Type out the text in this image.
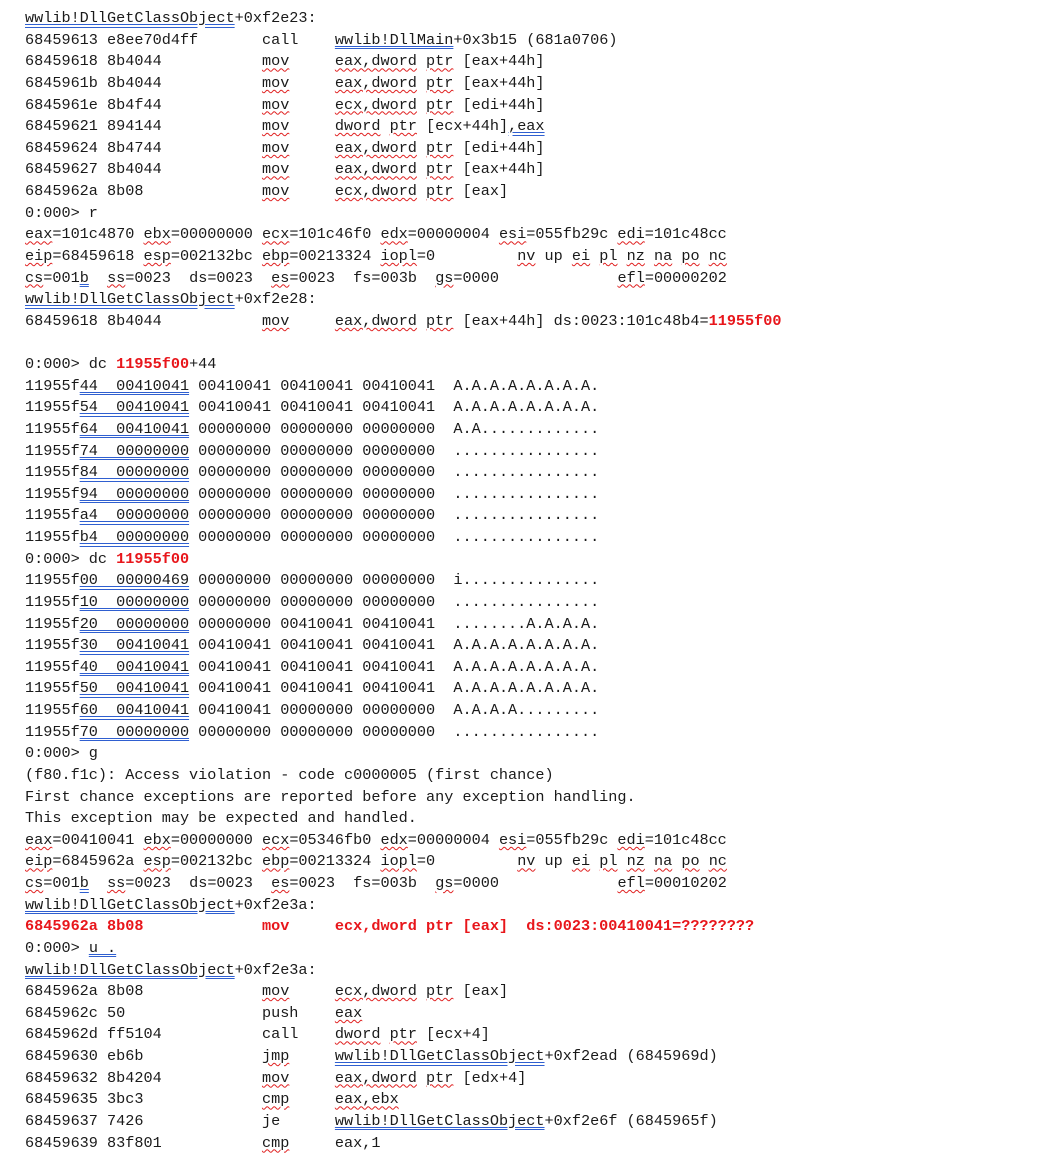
wwlib!DllGetClassObject+0xf2e23:
68459613 e8ee70d4ff       call    wwlib!DllMain+0x3b15 (681a0706)
68459618 8b4044           mov	eax,dword ptr [eax+44h]
6845961b 8b4044           mov	eax,dword ptr [eax+44h]
6845961e 8b4f44           mov	ecx,dword ptr [edi+44h]
68459621 894144           mov	dword ptr [ecx+44h],eax
68459624 8b4744           mov	eax,dword ptr [edi+44h]
68459627 8b4044           mov	eax,dword ptr [eax+44h]
6845962a 8b08             mov	ecx,dword ptr [eax]
0:000> r
eax=101c4870 ebx=00000000 ecx=101c46f0 edx=00000004 esi=055fb29c edi=101c48cc
eip=68459618 esp=002132bc ebp=00213324 iopl=0         nv up ei pl nz na po nc
cs=001b ss=0023  ds=0023  es=0023  fs=003b  gs=0000             efl=00000202
wwlib!DllGetClassObject+0xf2e28:
68459618 8b4044           mov	eax,dword ptr [eax+44h] ds:0023:101c48b4=11955f00
0:000> dc 11955f00+44
11955f44  00410041 00410041 00410041 00410041  A.A.A.A.A.A.A.A.
11955f54  00410041 00410041 00410041 00410041  A.A.A.A.A.A.A.A.
11955f64  00410041 00000000 00000000 00000000  A.A.............
11955f74  00000000 00000000 00000000 00000000  ................
11955f84  00000000 00000000 00000000 00000000  ................
11955f94  00000000 00000000 00000000 00000000  ................
11955fa4  00000000 00000000 00000000 00000000  ................
11955fb4  00000000 00000000 00000000 00000000  ................
0:000> dc 11955f00
11955f00  00000469 00000000 00000000 00000000  i...............
11955f10  00000000 00000000 00000000 00000000  ................
11955f20  00000000 00000000 00410041 00410041  ........A.A.A.A.
11955f30  00410041 00410041 00410041 00410041  A.A.A.A.A.A.A.A.
11955f40  00410041 00410041 00410041 00410041  A.A.A.A.A.A.A.A.
11955f50  00410041 00410041 00410041 00410041  A.A.A.A.A.A.A.A.
11955f60  00410041 00410041 00000000 00000000  A.A.A.A.........
11955f70  00000000 00000000 00000000 00000000  ................
0:000> g
(f80.f1c): Access violation - code c0000005 (first chance)
First chance exceptions are reported before any exception handling.
This exception may be expected and handled.
eax=00410041 ebx=00000000 ecx=05346fb0 edx=00000004 esi=055fb29c edi=101c48cc
eip=6845962a esp=002132bc ebp=00213324 iopl=0         nv up ei pl nz na po nc
cs=001b ss=0023  ds=0023  es=0023  fs=003b  gs=0000             efl=00010202
wwlib!DllGetClassObject+0xf2e3a:
6845962a 8b08             mov     ecx,dword ptr [eax]  ds:0023:00410041=????????
0:000> u .
wwlib!DllGetClassObject+0xf2e3a:
6845962a 8b08             mov	ecx,dword ptr [eax]
6845962c 50               push    eax
6845962d ff5104           call    dword ptr [ecx+4]
68459630 eb6b             jmp	wwlib!DllGetClassObject+0xf2ead (6845969d)
68459632 8b4204           mov	eax,dword ptr [edx+4]
68459635 3bc3             cmp	eax,ebx
68459637 7426             je      wwlib!DllGetClassObject+0xf2e6f (6845965f)
68459639 83f801           cmp     eax,1
